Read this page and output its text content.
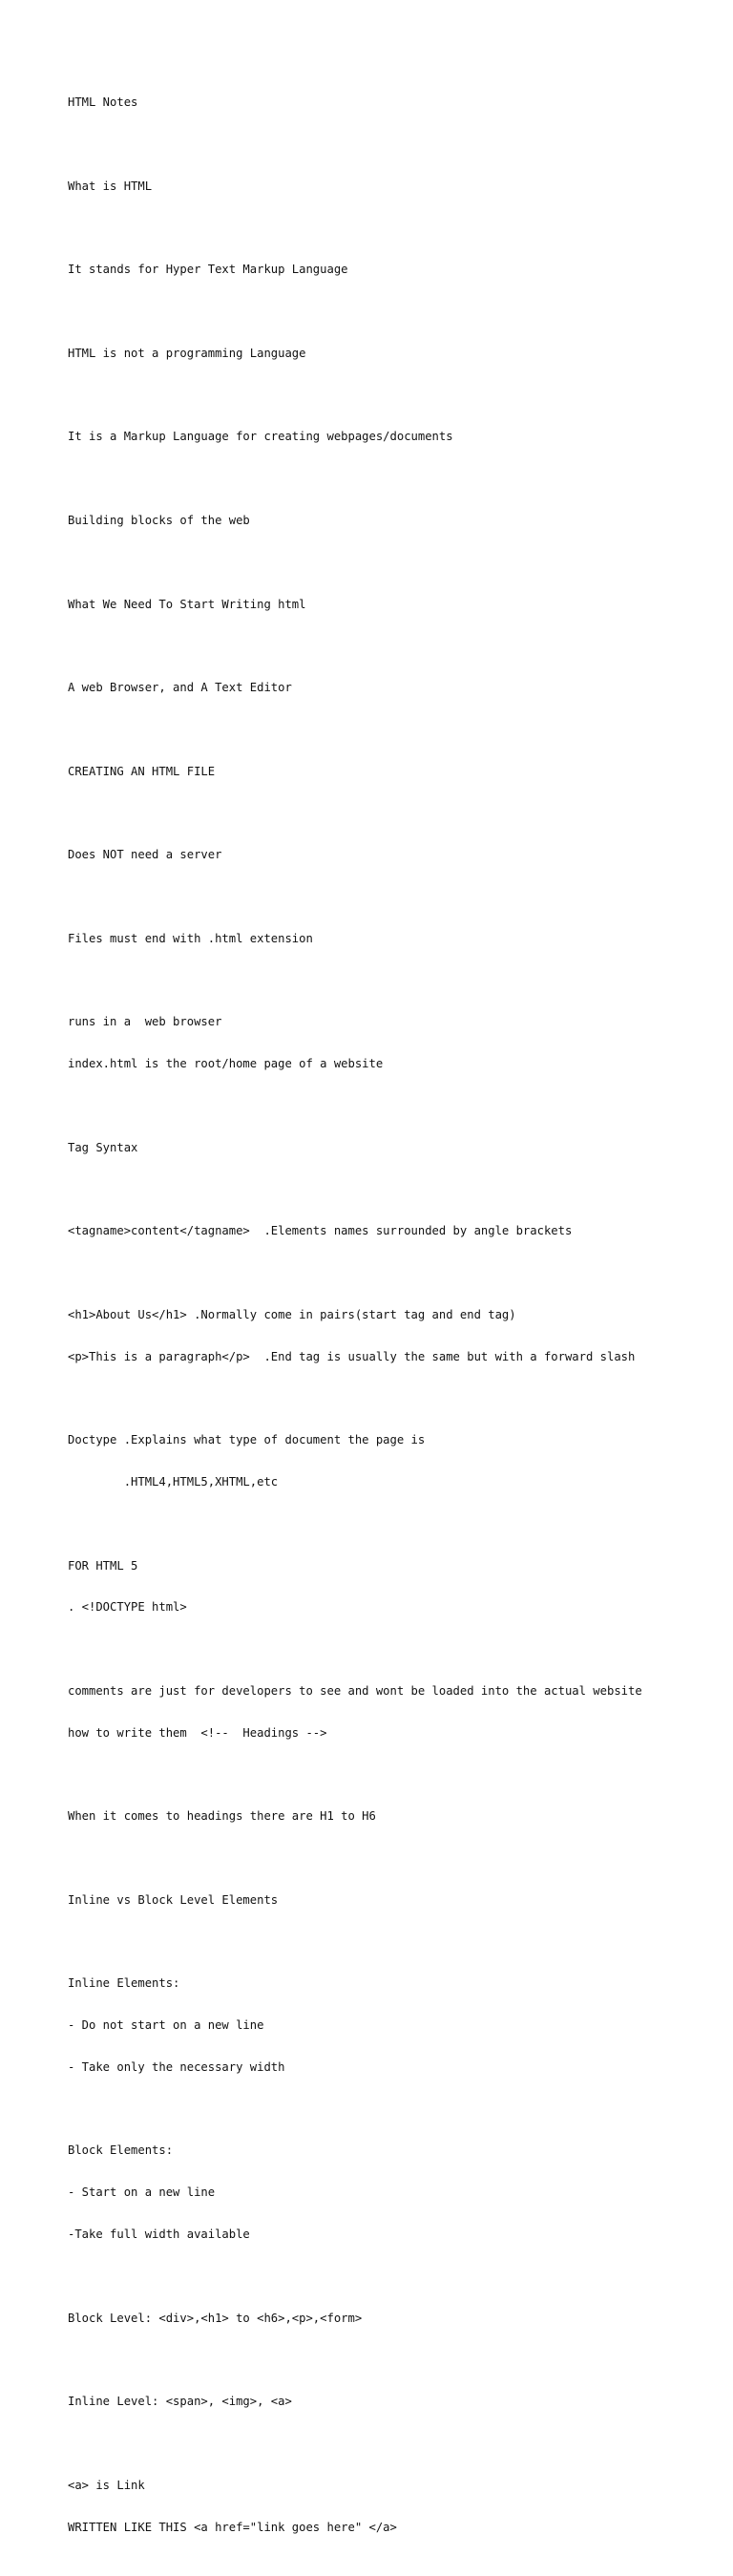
HTML Notes

What is HTML

It stands for Hyper Text Markup Language

HTML is not a programming Language

It is a Markup Language for creating webpages/documents

Building blocks of the web

What We Need To Start Writing html

A web Browser, and A Text Editor

CREATING AN HTML FILE

Does NOT need a server

Files must end with .html extension

runs in a  web browser

index.html is the root/home page of a website

Tag Syntax

<tagname>content</tagname>  .Elements names surrounded by angle brackets

<h1>About Us</h1> .Normally come in pairs(start tag and end tag)

<p>This is a paragraph</p>  .End tag is usually the same but with a forward slash

Doctype .Explains what type of document the page is

.HTML4,HTML5,XHTML,etc

FOR HTML 5

. <!DOCTYPE html>

comments are just for developers to see and wont be loaded into the actual website

how to write them  <!--  Headings -->

When it comes to headings there are H1 to H6

Inline vs Block Level Elements

Inline Elements:

- Do not start on a new line

- Take only the necessary width

Block Elements:

- Start on a new line

-Take full width available

Block Level: <div>,<h1> to <h6>,<p>,<form>

Inline Level: <span>, <img>, <a>

<a> is Link

WRITTEN LIKE THIS <a href="link goes here" </a>
